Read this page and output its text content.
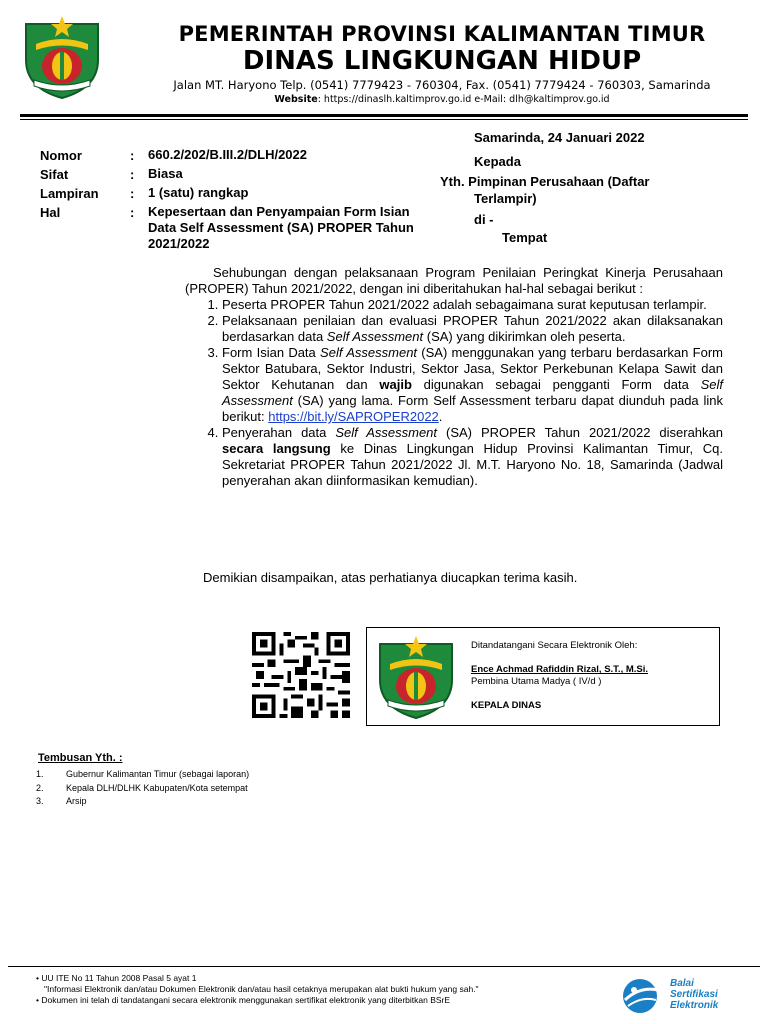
PEMERINTAH PROVINSI KALIMANTAN TIMUR
DINAS LINGKUNGAN HIDUP
Jalan MT. Haryono Telp. (0541) 7779423 - 760304, Fax. (0541) 7779424 - 760303, Samarinda
Website: https://dinaslh.kaltimprov.go.id e-Mail: dlh@kaltimprov.go.id
Nomor	:	660.2/202/B.III.2/DLH/2022
Sifat	:	Biasa
Lampiran	:	1 (satu) rangkap
Hal	:	Kepesertaan dan Penyampaian Form Isian Data Self Assessment (SA) PROPER Tahun 2021/2022
Samarinda, 24 Januari 2022
Kepada
Yth. Pimpinan Perusahaan (Daftar
Terlampir)
di -
Tempat
Sehubungan dengan pelaksanaan Program Penilaian Peringkat Kinerja Perusahaan (PROPER) Tahun 2021/2022, dengan ini diberitahukan hal-hal sebagai berikut :
1. Peserta PROPER Tahun 2021/2022 adalah sebagaimana surat keputusan terlampir.
2. Pelaksanaan penilaian dan evaluasi PROPER Tahun 2021/2022 akan dilaksanakan berdasarkan data Self Assessment (SA) yang dikirimkan oleh peserta.
3. Form Isian Data Self Assessment (SA) menggunakan yang terbaru berdasarkan Form Sektor Batubara, Sektor Industri, Sektor Jasa, Sektor Perkebunan Kelapa Sawit dan Sektor Kehutanan dan wajib digunakan sebagai pengganti Form data Self Assessment (SA) yang lama. Form Self Assessment terbaru dapat diunduh pada link berikut: https://bit.ly/SAPROPER2022.
4. Penyerahan data Self Assessment (SA) PROPER Tahun 2021/2022 diserahkan secara langsung ke Dinas Lingkungan Hidup Provinsi Kalimantan Timur, Cq. Sekretariat PROPER Tahun 2021/2022 Jl. M.T. Haryono No. 18, Samarinda (Jadwal penyerahan akan diinformasikan kemudian).
Demikian disampaikan, atas perhatianya diucapkan terima kasih.
Ditandatangani Secara Elektronik Oleh:
Ence Achmad Rafiddin Rizal, S.T., M.Si.
Pembina Utama Madya ( IV/d )
KEPALA DINAS
Tembusan Yth. :
1.	Gubernur Kalimantan Timur (sebagai laporan)
2.	Kepala DLH/DLHK Kabupaten/Kota setempat
3.	Arsip
• UU ITE No 11 Tahun 2008 Pasal 5 ayat 1
"Informasi Elektronik dan/atau Dokumen Elektronik dan/atau hasil cetaknya merupakan alat bukti hukum yang sah."
• Dokumen ini telah di tandatangani secara elektronik menggunakan sertifikat elektronik yang diterbitkan BSrE
Balai
Sertifikasi
Elektronik
